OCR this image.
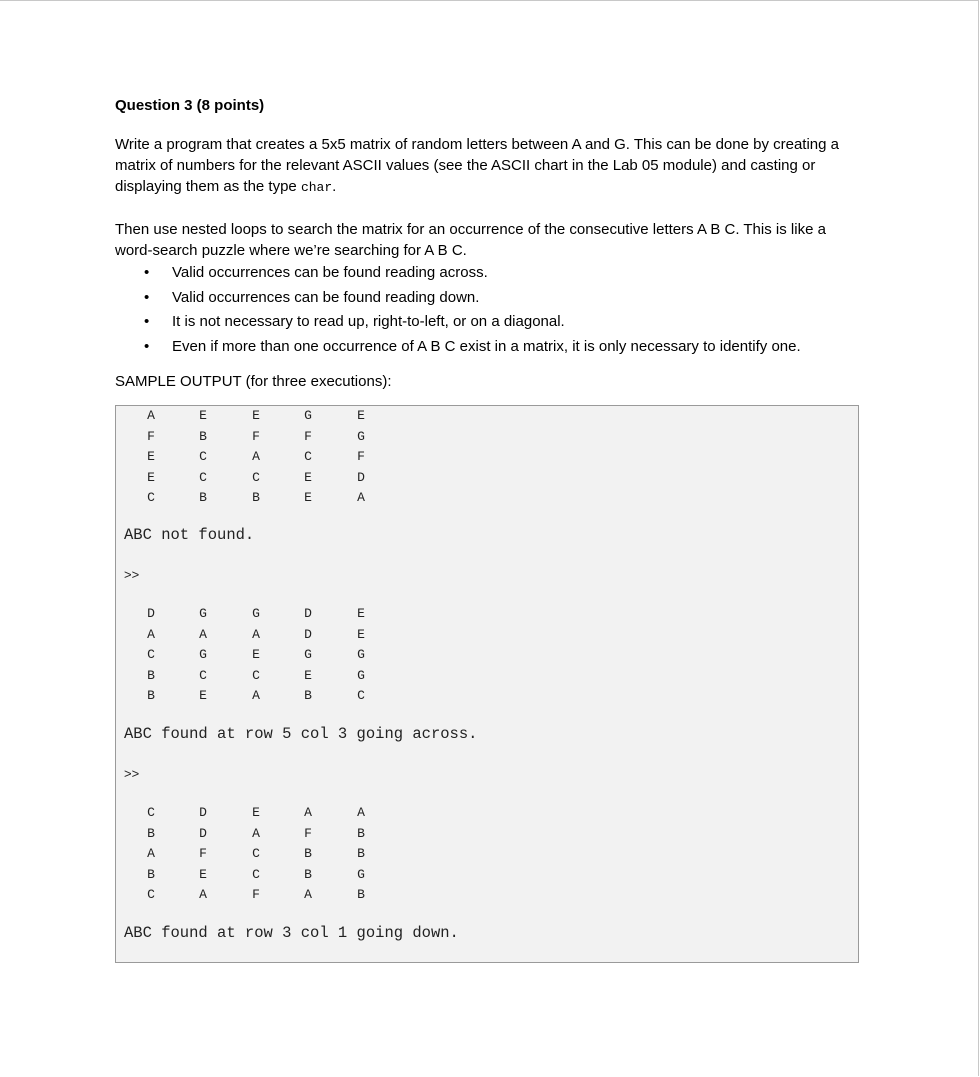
Question 3 (8 points)

Write a program that creates a 5x5 matrix of random letters between A and G. This can be done by creating a matrix of numbers for the relevant ASCII values (see the ASCII chart in the Lab 05 module) and casting or displaying them as the type char.

Then use nested loops to search the matrix for an occurrence of the consecutive letters A B C. This is like a word-search puzzle where we’re searching for A B C.

• Valid occurrences can be found reading across.
• Valid occurrences can be found reading down.
• It is not necessary to read up, right-to-left, or on a diagonal.
• Even if more than one occurrence of A B C exist in a matrix, it is only necessary to identify one.
SAMPLE OUTPUT (for three executions):
A	E	E	G	E
F	B	F	F	G
E	C	A	C	F
E	C	C	E	D
C	B	B	E	A
ABC not found.
>>
D	G	G	D	E
A	A	A	D	E
C	G	E	G	G
B	C	C	E	G
B	E	A	B	C
ABC found at row 5 col 3 going across.
>>
C	D	E	A	A
B	D	A	F	B
A	F	C	B	B
B	E	C	B	G
C	A	F	A	B
ABC found at row 3 col 1 going down.
